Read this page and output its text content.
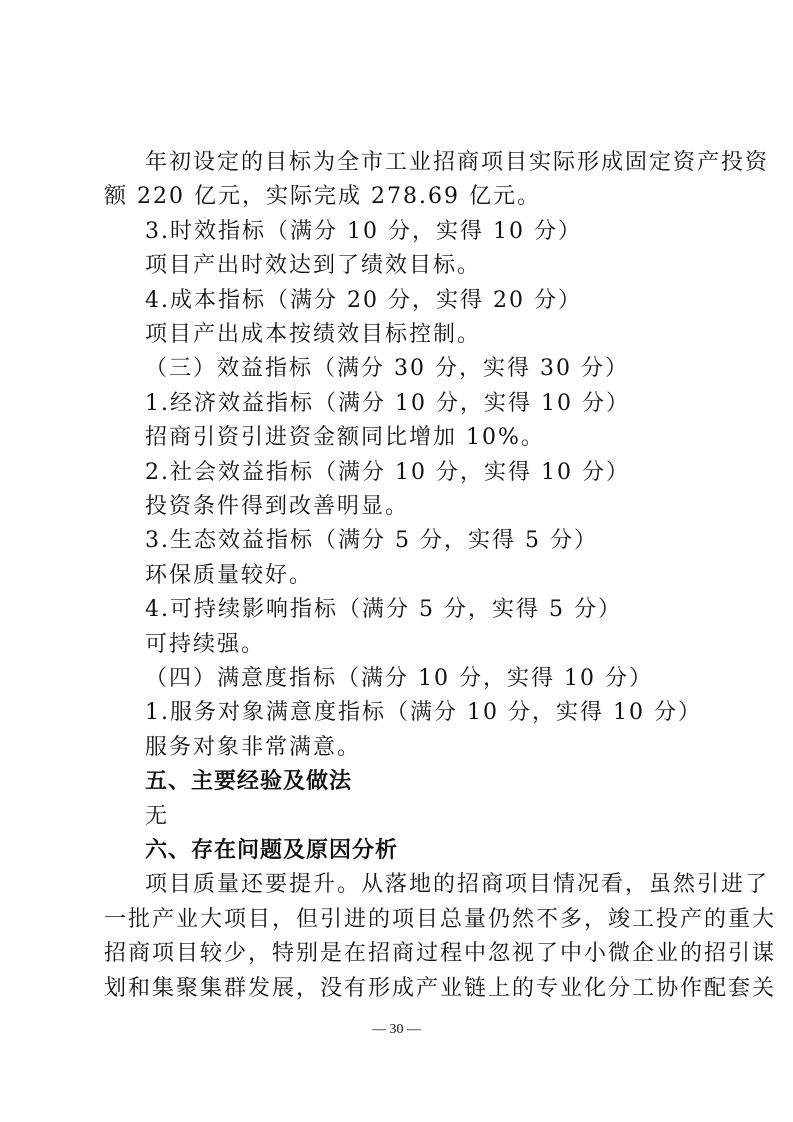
年初设定的目标为全市工业招商项目实际形成固定资产投资
额 220 亿元，实际完成 278.69 亿元。
3.时效指标（满分 10 分，实得 10 分）
项目产出时效达到了绩效目标。
4.成本指标（满分 20 分，实得 20 分）
项目产出成本按绩效目标控制。
（三）效益指标（满分 30 分，实得 30 分）
1.经济效益指标（满分 10 分，实得 10 分）
招商引资引进资金额同比增加 10%。
2.社会效益指标（满分 10 分，实得 10 分）
投资条件得到改善明显。
3.生态效益指标（满分 5 分，实得 5 分）
环保质量较好。
4.可持续影响指标（满分 5 分，实得 5 分）
可持续强。
（四）满意度指标（满分 10 分，实得 10 分）
1.服务对象满意度指标（满分 10 分，实得 10 分）
服务对象非常满意。
五、主要经验及做法
无
六、存在问题及原因分析
项目质量还要提升。从落地的招商项目情况看，虽然引进了
一批产业大项目，但引进的项目总量仍然不多，竣工投产的重大
招商项目较少，特别是在招商过程中忽视了中小微企业的招引谋
划和集聚集群发展，没有形成产业链上的专业化分工协作配套关
— 30 —
